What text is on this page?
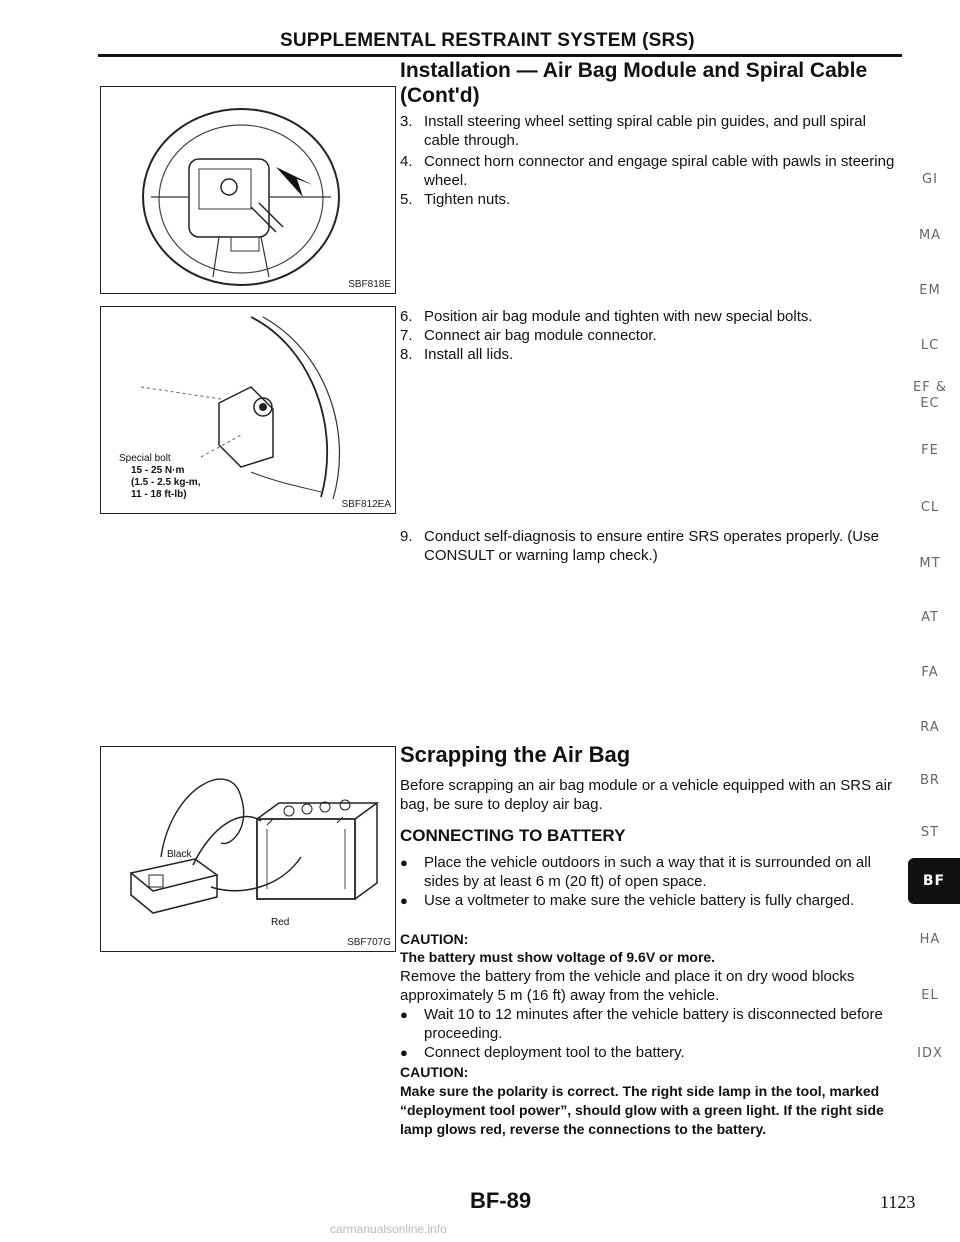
SUPPLEMENTAL RESTRAINT SYSTEM (SRS)
SBF818E
Special bolt
15 - 25 N·m
(1.5 - 2.5 kg-m,
11 - 18 ft-lb)
SBF812EA
Black
Red
SBF707G
Installation — Air Bag Module and Spiral Cable
(Cont'd)
3. Install steering wheel setting spiral cable pin guides, and pull spiral cable through.
4. Connect horn connector and engage spiral cable with pawls in steering wheel.
5. Tighten nuts.
6. Position air bag module and tighten with new special bolts.
7. Connect air bag module connector.
8. Install all lids.
9. Conduct self-diagnosis to ensure entire SRS operates properly. (Use CONSULT or warning lamp check.)
Scrapping the Air Bag
Before scrapping an air bag module or a vehicle equipped with an SRS air bag, be sure to deploy air bag.
CONNECTING TO BATTERY
●	Place the vehicle outdoors in such a way that it is surrounded on all sides by at least 6 m (20 ft) of open space.
●	Use a voltmeter to make sure the vehicle battery is fully charged.
CAUTION:
The battery must show voltage of 9.6V or more.
Remove the battery from the vehicle and place it on dry wood blocks approximately 5 m (16 ft) away from the vehicle.
●	Wait 10 to 12 minutes after the vehicle battery is disconnected before proceeding.
●	Connect deployment tool to the battery.
CAUTION:
Make sure the polarity is correct. The right side lamp in the tool, marked “deployment tool power”, should glow with a green light. If the right side lamp glows red, reverse the connections to the battery.
GI
MA
EM
LC
EF &
EC
FE
CL
MT
AT
FA
RA
BR
ST
BF
HA
EL
IDX
BF-89	1123
carmanualsonline.info
